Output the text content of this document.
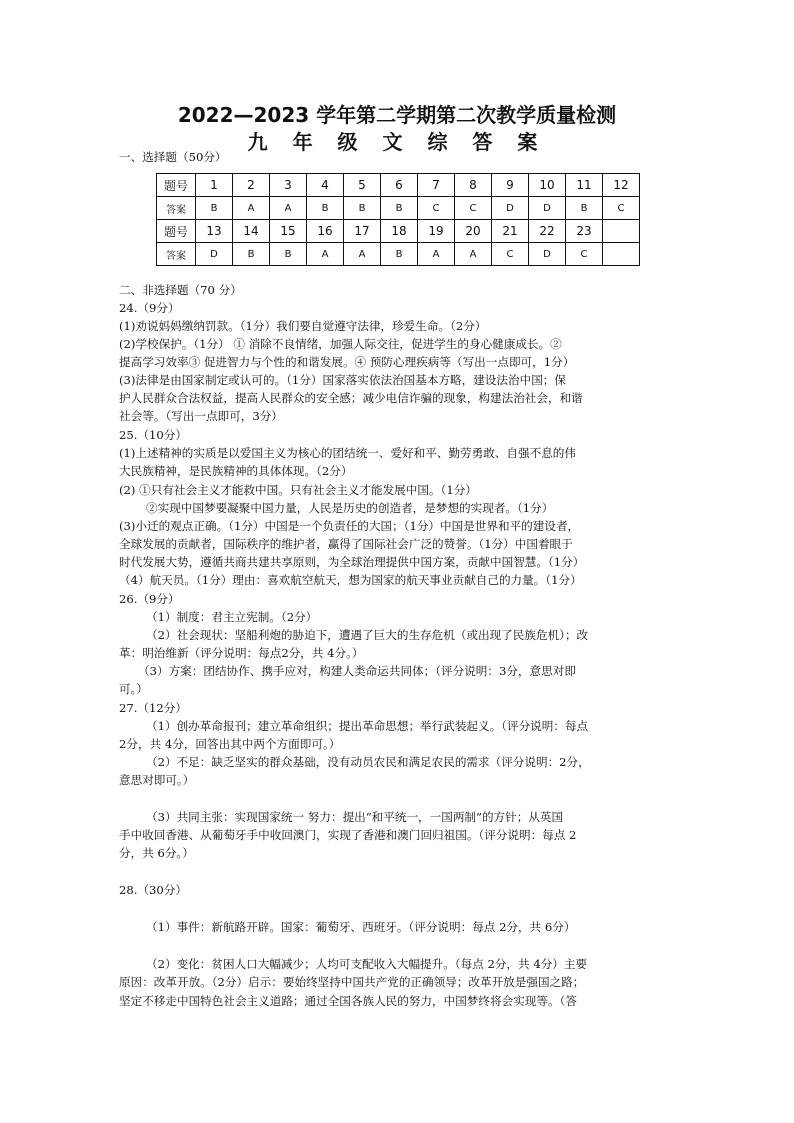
2022—2023 学年第二学期第二次教学质量检测
九 年 级 文 综 答 案
一、选择题（50分）
题号	1	2	3	4	5	6	7	8	9	10	11	12
答案	B	A	A	B	B	B	C	C	D	D	B	C
题号	13	14	15	16	17	18	19	20	21	22	23	
答案	D	B	B	A	A	B	A	A	C	D	C	
二、非选择题（70 分）
24.（9分）
(1)劝说妈妈缴纳罚款。（1分）我们要自觉遵守法律，珍爱生命。（2分）
(2)学校保护。（1分） ① 消除不良情绪，加强人际交往，促进学生的身心健康成长。②
提高学习效率③ 促进智力与个性的和谐发展。④ 预防心理疾病等（写出一点即可，1分）
(3)法律是由国家制定或认可的。（1分）国家落实依法治国基本方略，建设法治中国；保
护人民群众合法权益，提高人民群众的安全感；减少电信诈骗的现象，构建法治社会，和谐
社会等。（写出一点即可，3分）
25.（10分）
(1)上述精神的实质是以爱国主义为核心的团结统一、爱好和平、勤劳勇敢、自强不息的伟
大民族精神，是民族精神的具体体现。（2分）
(2) ①只有社会主义才能救中国。只有社会主义才能发展中国。（1分）
②实现中国梦要凝聚中国力量，人民是历史的创造者，是梦想的实现者。（1分）
(3)小迁的观点正确。（1分）中国是一个负责任的大国；（1分）中国是世界和平的建设者，
全球发展的贡献者，国际秩序的维护者，赢得了国际社会广泛的赞誉。（1分）中国着眼于
时代发展大势，遵循共商共建共享原则，为全球治理提供中国方案，贡献中国智慧。（1分）
（4）航天员。（1分）理由：喜欢航空航天，想为国家的航天事业贡献自己的力量。（1分）
26.（9分）
（1）制度：君主立宪制。（2分）
（2）社会现状：坚船利炮的胁迫下，遭遇了巨大的生存危机（或出现了民族危机）；改
革：明治维新（评分说明：每点2分，共 4分。）
（3）方案：团结协作、携手应对，构建人类命运共同体；（评分说明：3分，意思对即
可。）
27.（12分）
（1）创办革命报刊；建立革命组织；提出革命思想；举行武装起义。（评分说明：每点
2分，共 4分，回答出其中两个方面即可。）
（2）不足：缺乏坚实的群众基础，没有动员农民和满足农民的需求（评分说明：2分，
意思对即可。）
（3）共同主张：实现国家统一 努力：提出“和平统一，一国两制”的方针；从英国
手中收回香港、从葡萄牙手中收回澳门，实现了香港和澳门回归祖国。（评分说明：每点 2
分，共 6分。）
28.（30分）
（1）事件：新航路开辟。国家：葡萄牙、西班牙。（评分说明：每点 2分，共 6分）
（2）变化：贫困人口大幅减少；人均可支配收入大幅提升。（每点 2分，共 4分）主要
原因：改革开放。（2分）启示：要始终坚持中国共产党的正确领导；改革开放是强国之路；
坚定不移走中国特色社会主义道路；通过全国各族人民的努力，中国梦终将会实现等。（答
